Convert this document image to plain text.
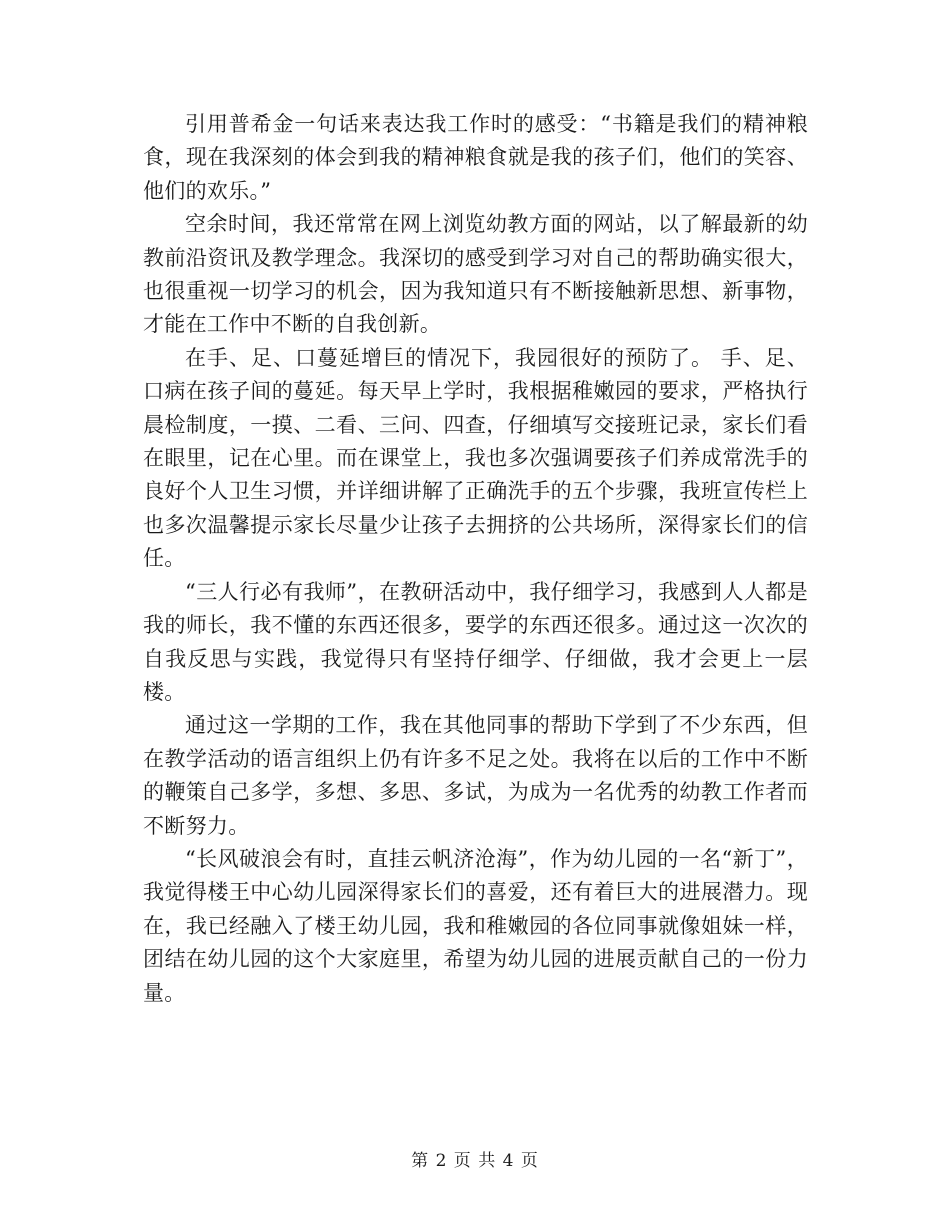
引用普希金一句话来表达我工作时的感受：“书籍是我们的精神粮食，现在我深刻的体会到我的精神粮食就是我的孩子们，他们的笑容、他们的欢乐。”

空余时间，我还常常在网上浏览幼教方面的网站，以了解最新的幼教前沿资讯及教学理念。我深切的感受到学习对自己的帮助确实很大，也很重视一切学习的机会，因为我知道只有不断接触新思想、新事物，才能在工作中不断的自我创新。

在手、足、口蔓延增巨的情况下，我园很好的预防了。 手、足、口病在孩子间的蔓延。每天早上学时，我根据稚嫩园的要求，严格执行晨检制度，一摸、二看、三问、四查，仔细填写交接班记录，家长们看在眼里，记在心里。而在课堂上，我也多次强调要孩子们养成常洗手的良好个人卫生习惯，并详细讲解了正确洗手的五个步骤，我班宣传栏上也多次温馨提示家长尽量少让孩子去拥挤的公共场所，深得家长们的信任。

“三人行必有我师”，在教研活动中，我仔细学习，我感到人人都是我的师长，我不懂的东西还很多，要学的东西还很多。通过这一次次的自我反思与实践，我觉得只有坚持仔细学、仔细做，我才会更上一层楼。

通过这一学期的工作，我在其他同事的帮助下学到了不少东西，但在教学活动的语言组织上仍有许多不足之处。我将在以后的工作中不断的鞭策自己多学，多想、多思、多试，为成为一名优秀的幼教工作者而不断努力。

“长风破浪会有时，直挂云帆济沧海”，作为幼儿园的一名“新丁”，我觉得楼王中心幼儿园深得家长们的喜爱，还有着巨大的进展潜力。现在，我已经融入了楼王幼儿园，我和稚嫩园的各位同事就像姐妹一样，团结在幼儿园的这个大家庭里，希望为幼儿园的进展贡献自己的一份力量。

第 2 页 共 4 页
